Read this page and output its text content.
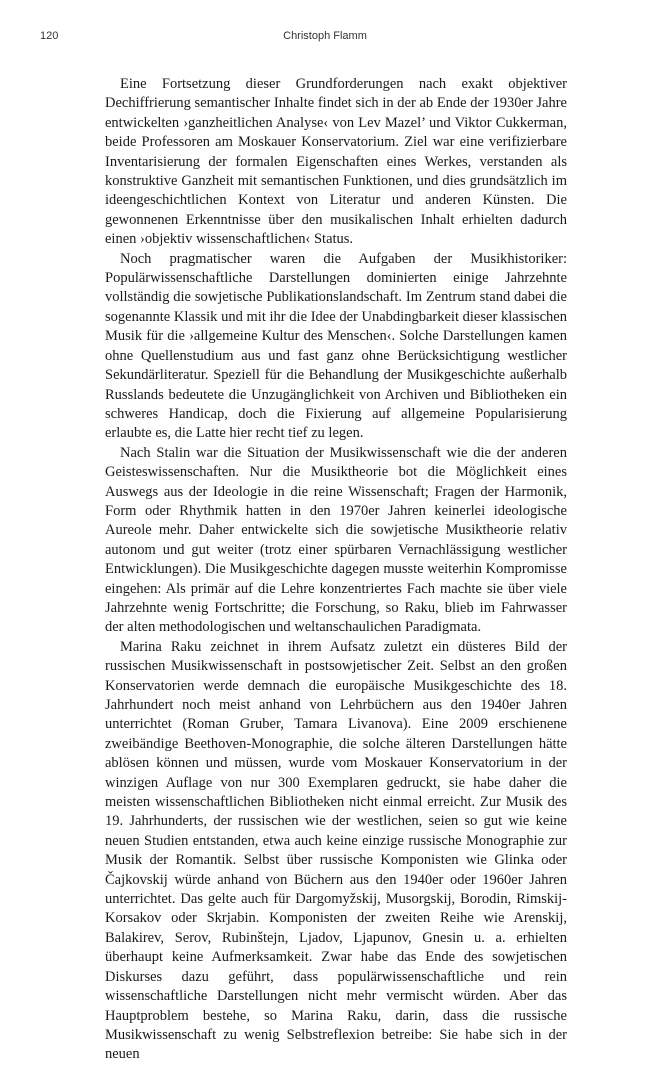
120	Christoph Flamm

Eine Fortsetzung dieser Grundforderungen nach exakt objektiver Dechiffrierung semantischer Inhalte findet sich in der ab Ende der 1930er Jahre entwickelten ›ganzheitlichen Analyse‹ von Lev Mazel’ und Viktor Cukkerman, beide Professoren am Moskauer Konservatorium. Ziel war eine verifizierbare Inventarisierung der formalen Eigenschaften eines Werkes, verstanden als konstruktive Ganzheit mit semantischen Funktionen, und dies grundsätzlich im ideengeschichtlichen Kontext von Literatur und anderen Künsten. Die gewonnenen Erkenntnisse über den musikalischen Inhalt erhielten dadurch einen ›objektiv wissenschaftlichen‹ Status.

Noch pragmatischer waren die Aufgaben der Musikhistoriker: Populärwissenschaftliche Darstellungen dominierten einige Jahrzehnte vollständig die sowjetische Publikationslandschaft. Im Zentrum stand dabei die sogenannte Klassik und mit ihr die Idee der Unabdingbarkeit dieser klassischen Musik für die ›allgemeine Kultur des Menschen‹. Solche Darstellungen kamen ohne Quellenstudium aus und fast ganz ohne Berücksichtigung westlicher Sekundärliteratur. Speziell für die Behandlung der Musikgeschichte außerhalb Russlands bedeutete die Unzugänglichkeit von Archiven und Bibliotheken ein schweres Handicap, doch die Fixierung auf allgemeine Popularisierung erlaubte es, die Latte hier recht tief zu legen.

Nach Stalin war die Situation der Musikwissenschaft wie die der anderen Geisteswissenschaften. Nur die Musiktheorie bot die Möglichkeit eines Auswegs aus der Ideologie in die reine Wissenschaft; Fragen der Harmonik, Form oder Rhythmik hatten in den 1970er Jahren keinerlei ideologische Aureole mehr. Daher entwickelte sich die sowjetische Musiktheorie relativ autonom und gut weiter (trotz einer spürbaren Vernachlässigung westlicher Entwicklungen). Die Musikgeschichte dagegen musste weiterhin Kompromisse eingehen: Als primär auf die Lehre konzentriertes Fach machte sie über viele Jahrzehnte wenig Fortschritte; die Forschung, so Raku, blieb im Fahrwasser der alten methodologischen und weltanschaulichen Paradigmata.

Marina Raku zeichnet in ihrem Aufsatz zuletzt ein düsteres Bild der russischen Musikwissenschaft in postsowjetischer Zeit. Selbst an den großen Konservatorien werde demnach die europäische Musikgeschichte des 18. Jahrhundert noch meist anhand von Lehrbüchern aus den 1940er Jahren unterrichtet (Roman Gruber, Tamara Livanova). Eine 2009 erschienene zweibändige Beethoven-Monographie, die solche älteren Darstellungen hätte ablösen können und müssen, wurde vom Moskauer Konservatorium in der winzigen Auflage von nur 300 Exemplaren gedruckt, sie habe daher die meisten wissenschaftlichen Bibliotheken nicht einmal erreicht. Zur Musik des 19. Jahrhunderts, der russischen wie der westlichen, seien so gut wie keine neuen Studien entstanden, etwa auch keine einzige russische Monographie zur Musik der Romantik. Selbst über russische Komponisten wie Glinka oder Čajkovskij würde anhand von Büchern aus den 1940er oder 1960er Jahren unterrichtet. Das gelte auch für Dargomyžskij, Musorgskij, Borodin, Rimskij-Korsakov oder Skrjabin. Komponisten der zweiten Reihe wie Arenskij, Balakirev, Serov, Rubinštejn, Ljadov, Ljapunov, Gnesin u. a. erhielten überhaupt keine Aufmerksamkeit. Zwar habe das Ende des sowjetischen Diskurses dazu geführt, dass populärwissenschaftliche und rein wissenschaftliche Darstellungen nicht mehr vermischt würden. Aber das Hauptproblem bestehe, so Marina Raku, darin, dass die russische Musikwissenschaft zu wenig Selbstreflexion betreibe: Sie habe sich in der neuen
